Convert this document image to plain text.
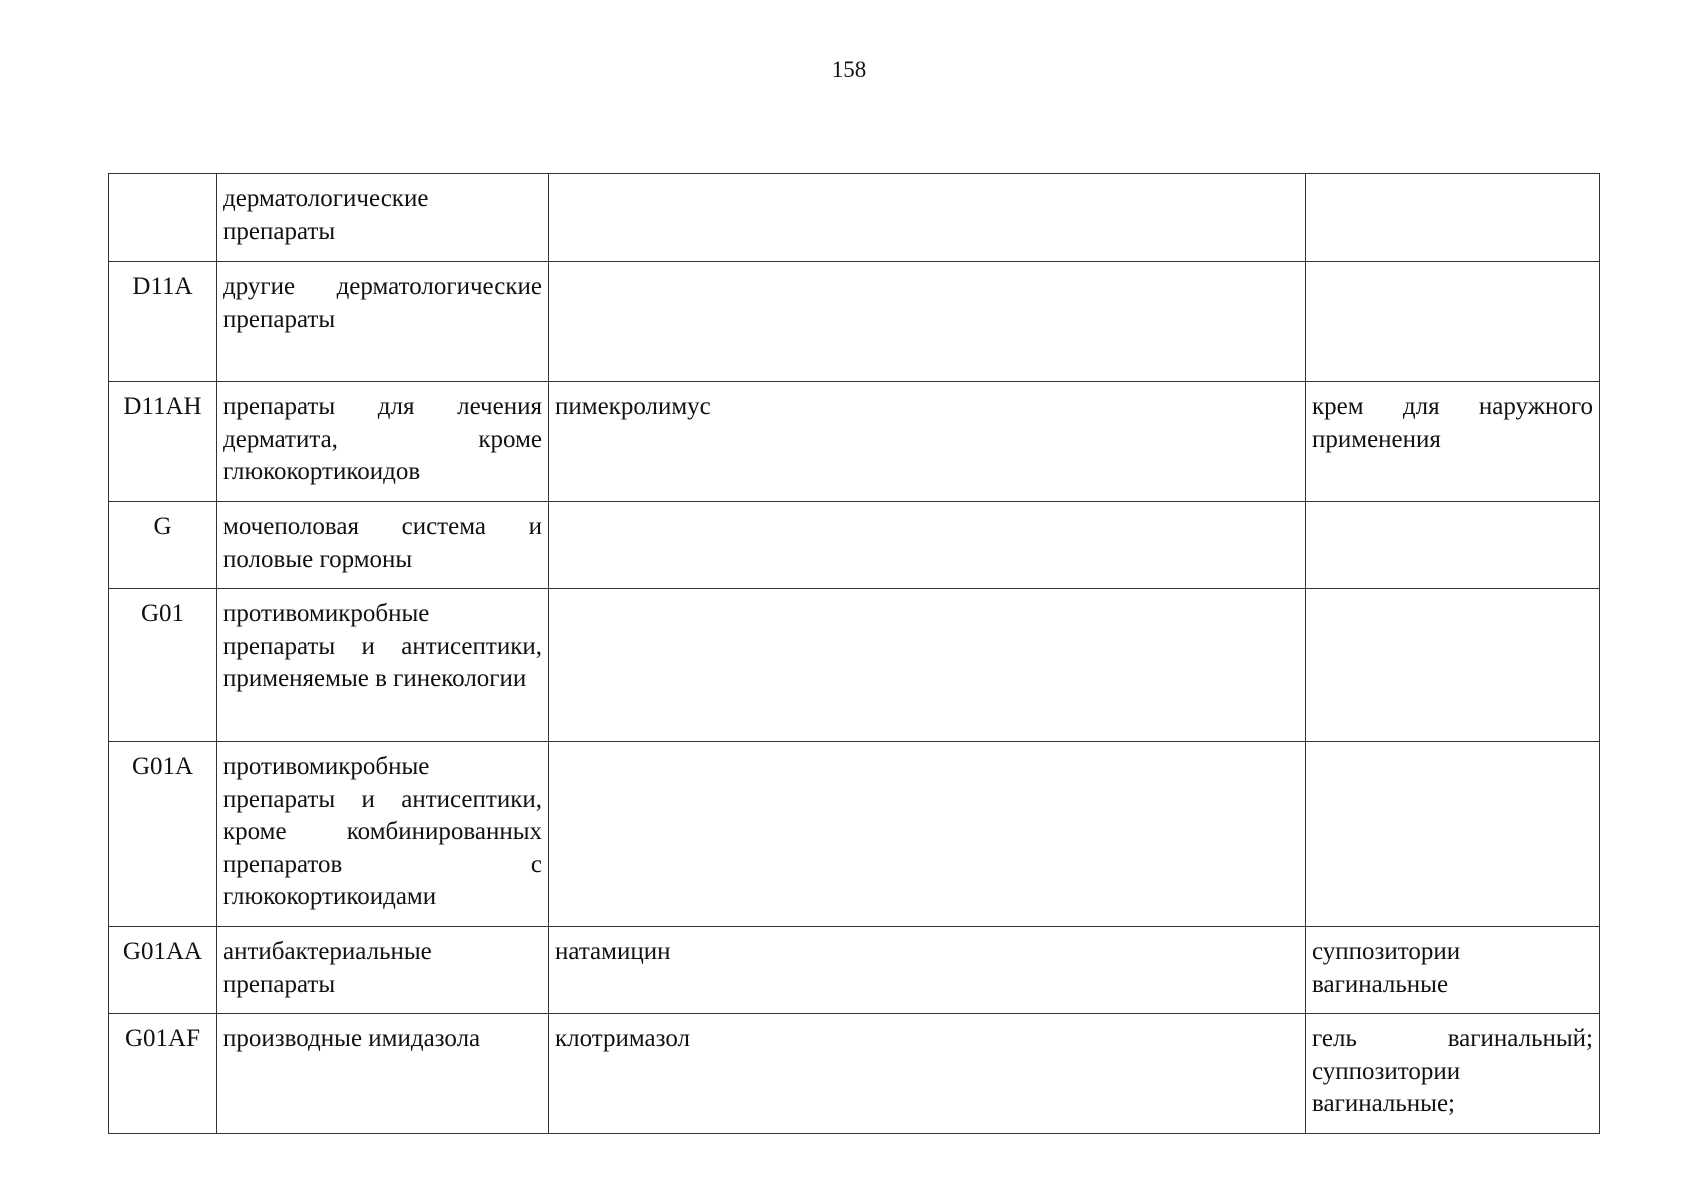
158
	дерматологические препараты		
D11A	другие дерматологические препараты		
D11AH	препараты для лечения дерматита, кроме глюкокортикоидов	пимекролимус	крем для наружного применения
G	мочеполовая система и половые гормоны		
G01	противомикробные препараты и антисептики, применяемые в гинекологии		
G01A	противомикробные препараты и антисептики, кроме комбинированных препаратов с глюкокортикоидами		
G01AA	антибактериальные препараты	натамицин	суппозитории вагинальные
G01AF	производные имидазола	клотримазол	гель вагинальный; суппозитории вагинальные;
